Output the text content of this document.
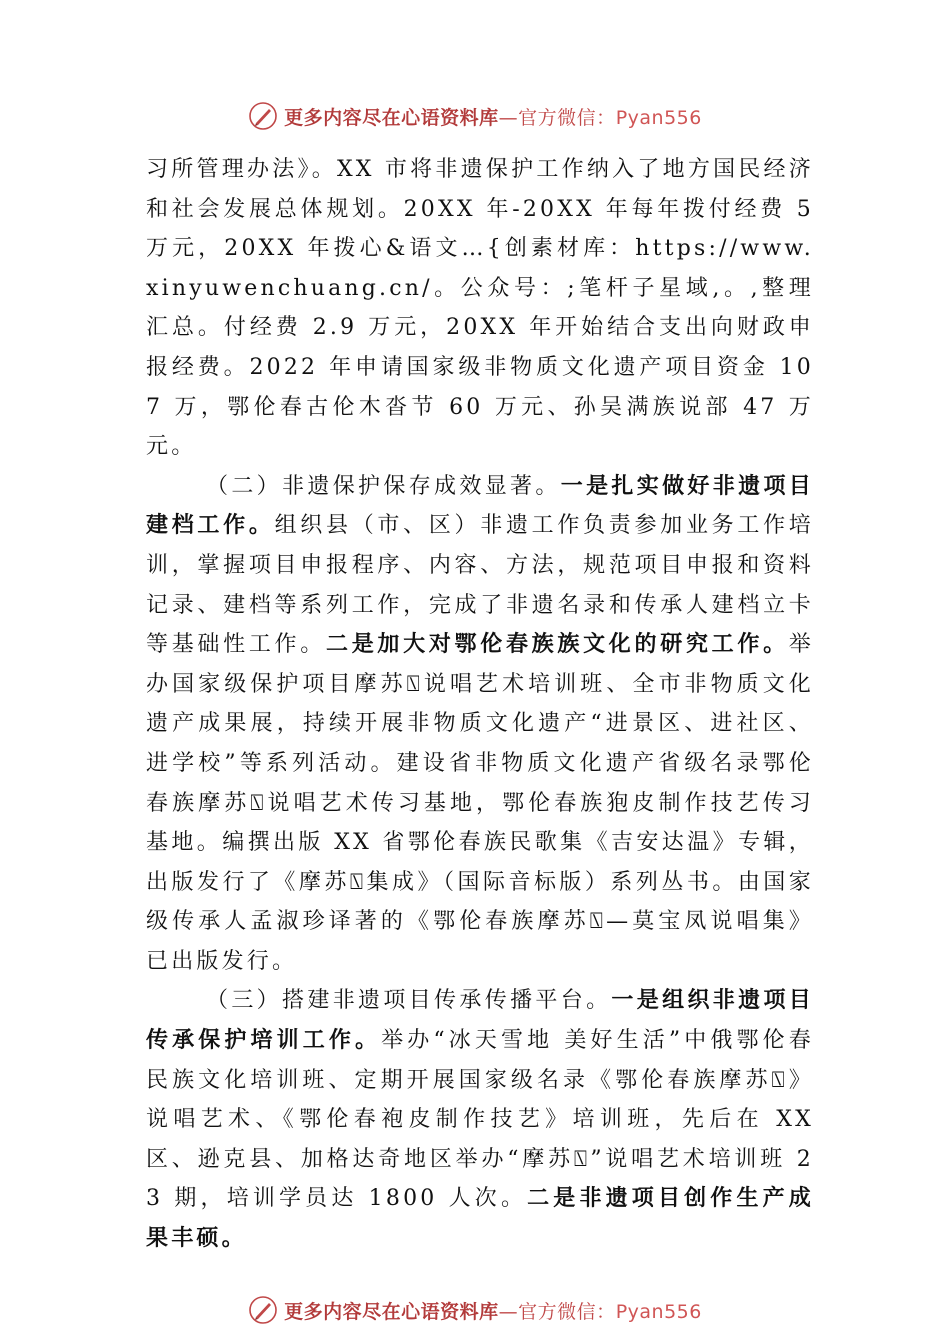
更多内容尽在心语资料库—官方微信：Pyan556

习所管理办法》。XX 市将非遗保护工作纳入了地方国民经济和社会发展总体规划。20XX 年-20XX 年每年拨付经费 5 万元，20XX 年拨心&语文…{创素材库：https://www.xinyuwenchuang.cn/。公众号：;笔杆子星域,。,整理汇总。付经费 2.9 万元，20XX 年开始结合支出向财政申报经费。2022 年申请国家级非物质文化遗产项目资金 107 万，鄂伦春古伦木沓节 60 万元、孙吴满族说部 47 万元。

（二）非遗保护保存成效显著。一是扎实做好非遗项目建档工作。组织县（市、区）非遗工作负责参加业务工作培训，掌握项目申报程序、内容、方法，规范项目申报和资料记录、建档等系列工作，完成了非遗名录和传承人建档立卡等基础性工作。二是加大对鄂伦春族族文化的研究工作。举办国家级保护项目摩苏⍂说唱艺术培训班、全市非物质文化遗产成果展，持续开展非物质文化遗产“进景区、进社区、 进学校”等系列活动。建设省非物质文化遗产省级名录鄂伦春族摩苏⍂说唱艺术传习基地，鄂伦春族狍皮制作技艺传习基地。编撰出版 XX 省鄂伦春族民歌集《吉安达温》专辑，出版发行了《摩苏⍂集成》（国际音标版）系列丛书。由国家级传承人孟淑珍译著的《鄂伦春族摩苏⍂—莫宝凤说唱集》已出版发行。

（三）搭建非遗项目传承传播平台。一是组织非遗项目传承保护培训工作。举办“冰天雪地 美好生活”中俄鄂伦春民族文化培训班、定期开展国家级名录《鄂伦春族摩苏⍂》 说唱艺术、《鄂伦春袍皮制作技艺》培训班，先后在 XX 区、逊克县、加格达奇地区举办“摩苏⍂”说唱艺术培训班 23 期，培训学员达 1800 人次。二是非遗项目创作生产成果丰硕。

更多内容尽在心语资料库—官方微信：Pyan556
